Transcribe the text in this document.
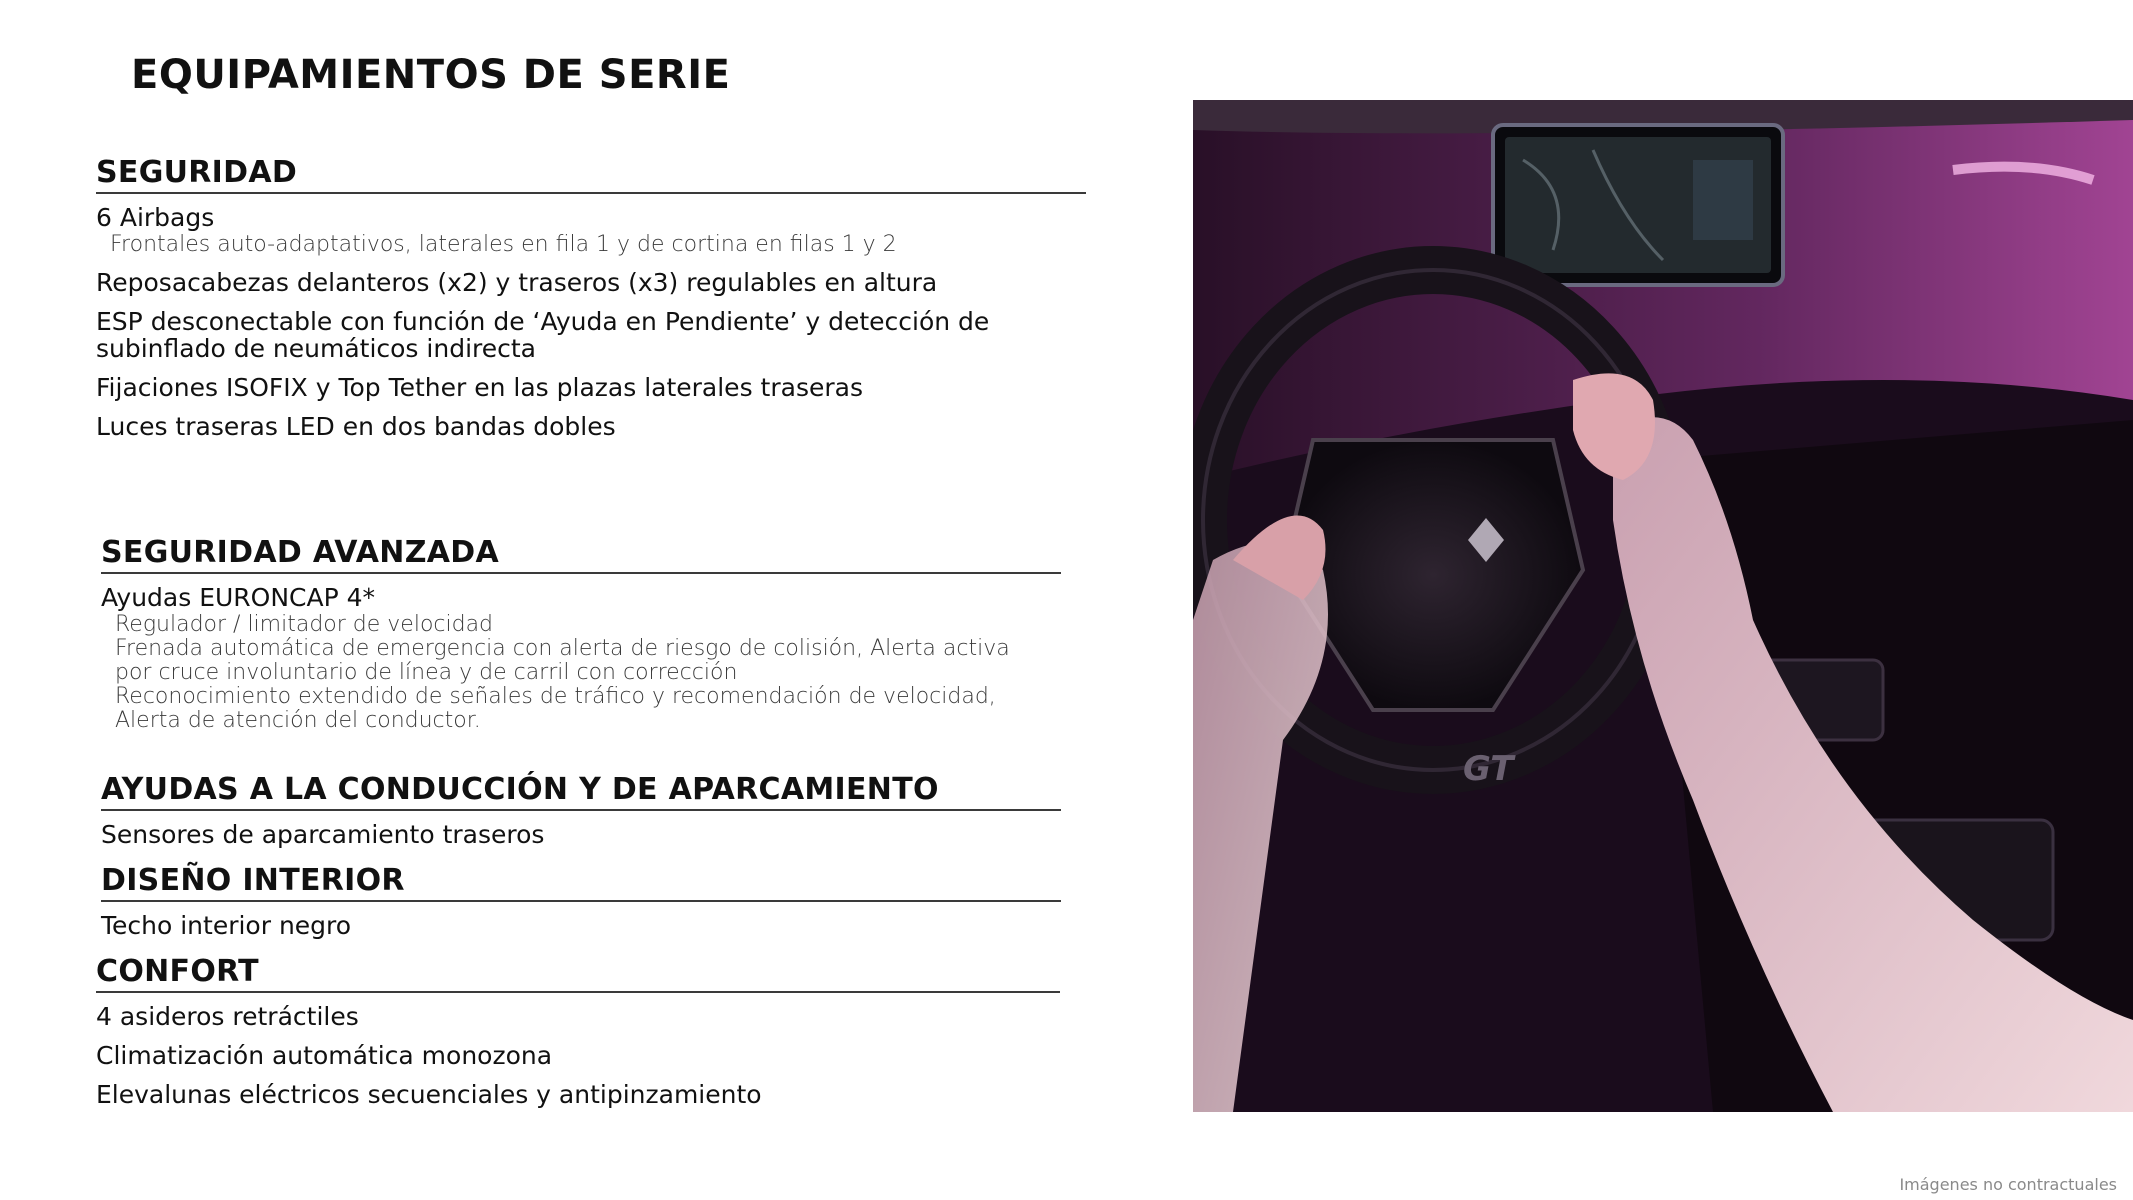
EQUIPAMIENTOS DE SERIE
SEGURIDAD
6 Airbags
Frontales auto-adaptativos, laterales en fila 1 y de cortina en filas 1 y 2
Reposacabezas delanteros (x2) y traseros (x3) regulables en altura
ESP desconectable con función de ‘Ayuda en Pendiente’ y detección de subinflado de neumáticos indirecta
Fijaciones ISOFIX y Top Tether en las plazas laterales traseras
Luces traseras LED en dos bandas dobles
SEGURIDAD AVANZADA
Ayudas EURONCAP 4*
Regulador / limitador de velocidad
Frenada automática de emergencia con alerta de riesgo de colisión, Alerta activa por cruce involuntario de línea y de carril con corrección
Reconocimiento extendido de señales de tráfico y recomendación de velocidad, Alerta de atención del conductor.
AYUDAS A LA CONDUCCIÓN Y DE APARCAMIENTO
Sensores de aparcamiento traseros
DISEÑO INTERIOR
Techo interior negro
CONFORT
4 asideros retráctiles
Climatización automática monozona
Elevalunas eléctricos secuenciales y antipinzamiento
GT
Imágenes no contractuales
